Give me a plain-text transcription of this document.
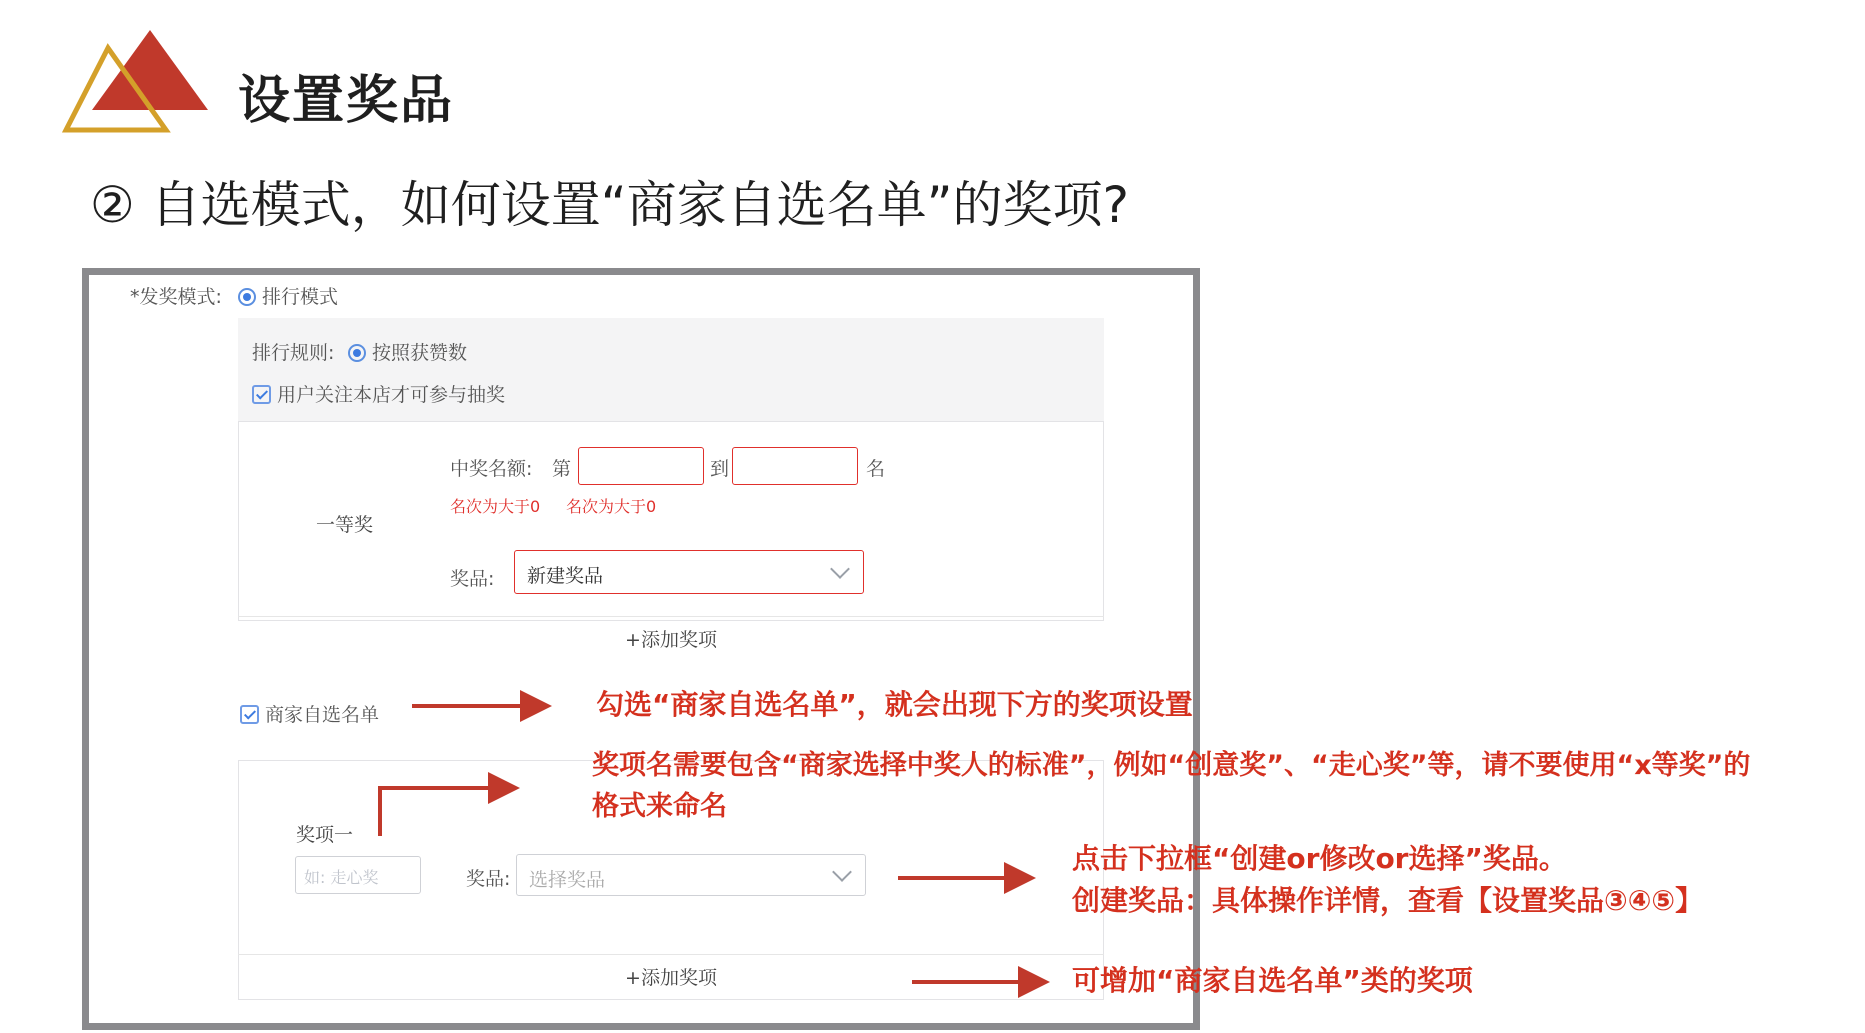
设置奖品
② 自选模式，如何设置“商家自选名单”的奖项?
*发奖模式:	排行模式
排行规则:	按照获赞数
用户关注本店才可参与抽奖
一等奖
中奖名额: 第	到	名
名次为大于0 名次为大于0
奖品: 新建奖品
+添加奖项
商家自选名单
奖项一
如: 走心奖	奖品: 选择奖品
+添加奖项
勾选“商家自选名单”，就会出现下方的奖项设置
奖项名需要包含“商家选择中奖人的标准”，例如“创意奖”、“走心奖”等，请不要使用“x等奖”的
格式来命名
点击下拉框“创建or修改or选择”奖品。
创建奖品：具体操作详情，查看【设置奖品③④⑤】
可增加“商家自选名单”类的奖项
